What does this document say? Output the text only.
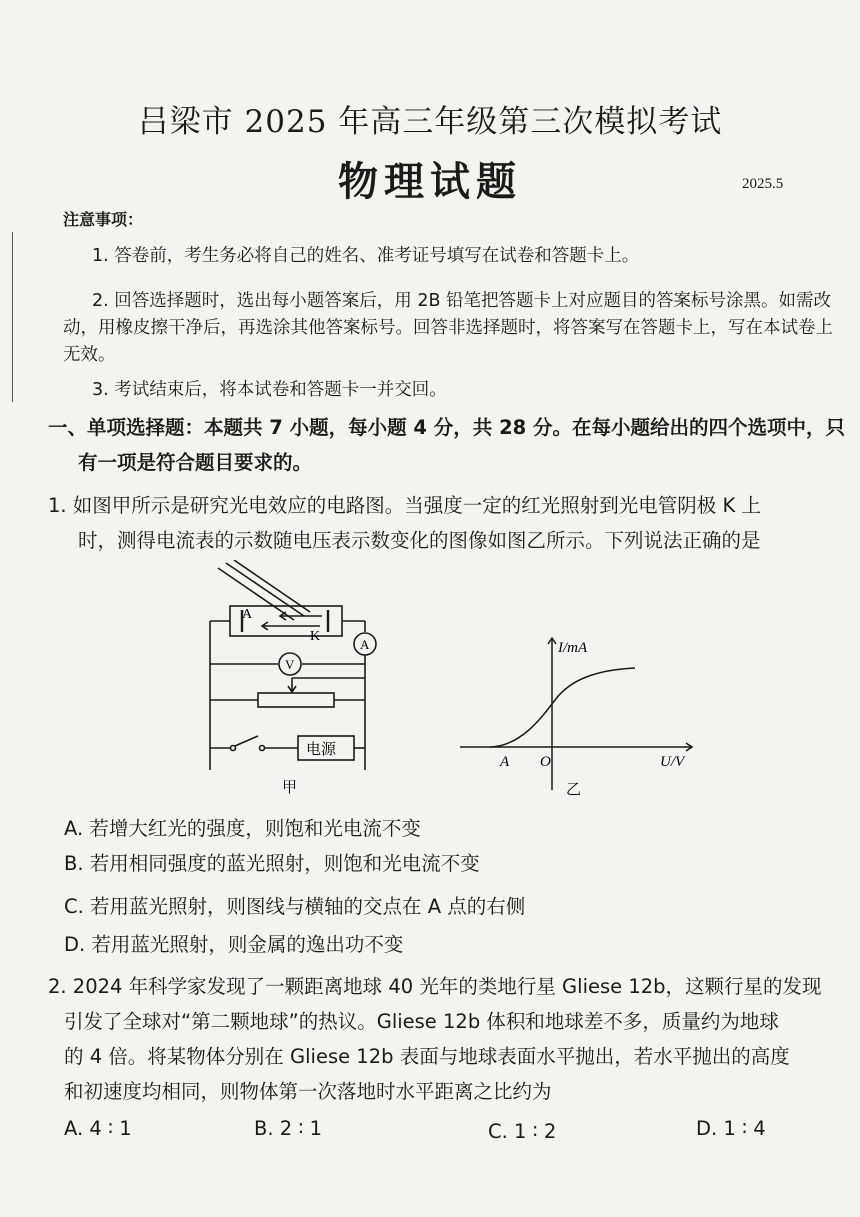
吕梁市 2025 年高三年级第三次模拟考试
物理试题	2025.5
注意事项：
1. 答卷前，考生务必将自己的姓名、准考证号填写在试卷和答题卡上。
2. 回答选择题时，选出每小题答案后，用 2B 铅笔把答题卡上对应题目的答案标号涂黑。如需改
动，用橡皮擦干净后，再选涂其他答案标号。回答非选择题时，将答案写在答题卡上，写在本试卷上
无效。
3. 考试结束后，将本试卷和答题卡一并交回。
一、单项选择题：本题共 7 小题，每小题 4 分，共 28 分。在每小题给出的四个选项中，只
有一项是符合题目要求的。
1. 如图甲所示是研究光电效应的电路图。当强度一定的红光照射到光电管阴极 K 上
时，测得电流表的示数随电压表示数变化的图像如图乙所示。下列说法正确的是
A
K
A
V
电源
甲
I/mA
U/V
A O
乙
A. 若增大红光的强度，则饱和光电流不变
B. 若用相同强度的蓝光照射，则饱和光电流不变
C. 若用蓝光照射，则图线与横轴的交点在 A 点的右侧
D. 若用蓝光照射，则金属的逸出功不变
2. 2024 年科学家发现了一颗距离地球 40 光年的类地行星 Gliese 12b，这颗行星的发现
引发了全球对“第二颗地球”的热议。Gliese 12b 体积和地球差不多，质量约为地球
的 4 倍。将某物体分别在 Gliese 12b 表面与地球表面水平抛出，若水平抛出的高度
和初速度均相同，则物体第一次落地时水平距离之比约为
A. 4 ∶ 1	B. 2 ∶ 1	C. 1 ∶ 2	D. 1 ∶ 4
